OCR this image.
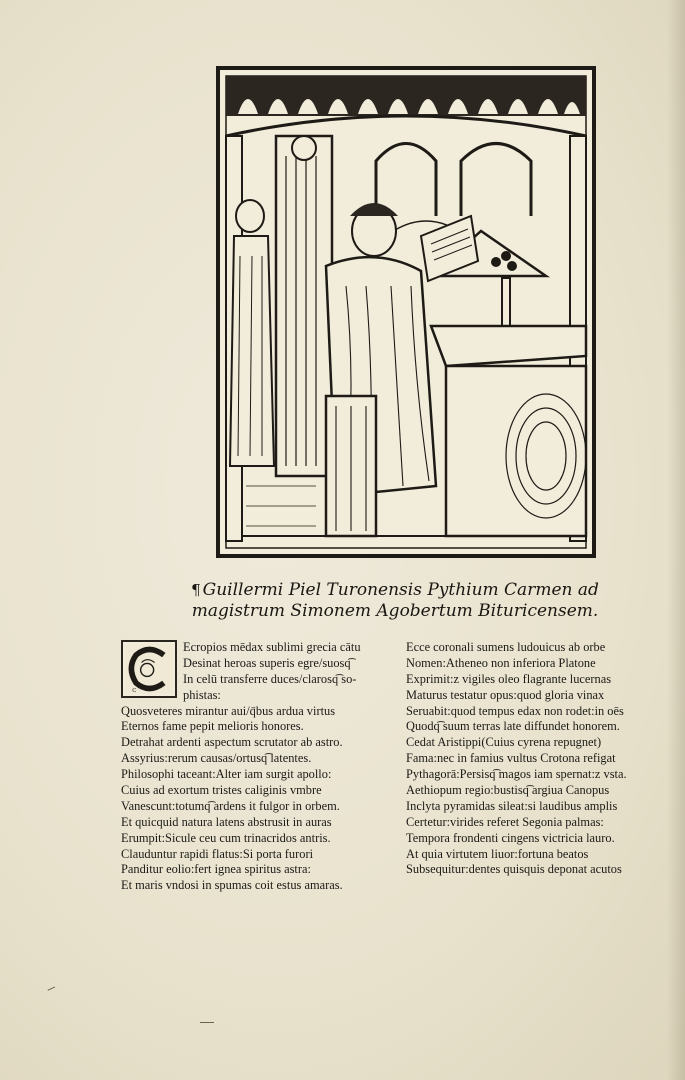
¶ Guillermi Piel Turonensis Pythium Carmen ad
magistrum Simonem Agobertum Bituricensem.
C
Ecropios mēdax sublimi grecia cātu
Desinat heroas superis egre/suosq͡
In celū transferre duces/clarosq͡ so-
phistas:
Quosveteres mirantur aui/q̄bus ardua virtus
Eternos fame pepit melioris honores.
Detrahat ardenti aspectum scrutator ab astro.
Assyrius:rerum causas/ortusq͡ latentes.
Philosophi taceant:Alter iam surgit apollo:
Cuius ad exortum tristes caliginis vmbre
Vanescunt:totumq͡ ardens it fulgor in orbem.
Et quicquid natura latens abstrusit in auras
Erumpit:Sicule ceu cum trinacridos antris.
Clauduntur rapidi flatus:Si porta furori
Panditur eolio:fert ignea spiritus astra:
Et maris vndosi in spumas coit estus amaras.
Ecce coronali sumens ludouicus ab orbe
Nomen:Atheneo non inferiora Platone
Exprimit:z vigiles oleo flagrante lucernas
Maturus testatur opus:quod gloria vinax
Seruabit:quod tempus edax non rodet:in oēs
Quodq͡ suum terras late diffundet honorem.
Cedat Aristippi(Cuius cyrena repugnet)
Fama:nec in famius vultus Crotona refigat
Pythagorā:Persisq͡ magos iam spernat:z vsta.
Aethiopum regio:bustisq͡ argiua Canopus
Inclyta pyramidas sileat:si laudibus amplis
Certetur:virides referet Segonia palmas:
Tempora frondenti cingens victricia lauro.
At quia virtutem liuor:fortuna beatos
Subsequitur:dentes quisquis deponat acutos
